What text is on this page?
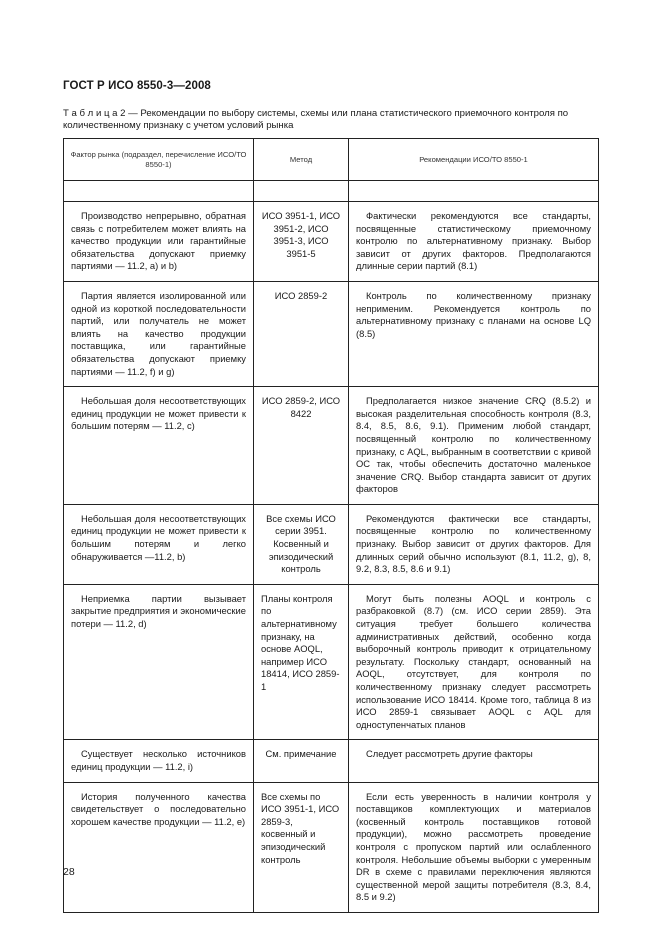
ГОСТ Р ИСО 8550-3—2008
Т а б л и ц а 2 — Рекомендации по выбору системы, схемы или плана статистического приемочного контроля по количественному признаку с учетом условий рынка
Фактор рынка (подраздел, перечисление ИСО/ТО 8550-1)	Метод	Рекомендации ИСО/ТО 8550-1

Производство непрерывно, обратная связь с потребителем может влиять на качество продукции или гарантийные обязательства допускают приемку партиями — 11.2, a) и b)	ИСО 3951-1, ИСО 3951-2, ИСО 3951-3, ИСО 3951-5	Фактически рекомендуются все стандарты, посвященные статистическому приемочному контролю по альтернативному признаку. Выбор зависит от других факторов. Предполагаются длинные серии партий (8.1)
Партия является изолированной или одной из короткой последовательности партий, или получатель не может влиять на качество продукции поставщика, или гарантийные обязательства допускают приемку партиями — 11.2, f) и g)	ИСО 2859-2	Контроль по количественному признаку неприменим. Рекомендуется контроль по альтернативному признаку с планами на основе LQ (8.5)
Небольшая доля несоответствующих единиц продукции не может привести к большим потерям — 11.2, c)	ИСО 2859-2, ИСО 8422	Предполагается низкое значение CRQ (8.5.2) и высокая разделительная способность контроля (8.3, 8.4, 8.5, 8.6, 9.1). Применим любой стандарт, посвященный контролю по количественному признаку, с AQL, выбранным в соответствии с кривой ОС так, чтобы обеспечить достаточно маленькое значение CRQ. Выбор стандарта зависит от других факторов
Небольшая доля несоответствующих единиц продукции не может привести к большим потерям и легко обнаруживается —11.2, b)	Все схемы ИСО серии 3951. Косвенный и эпизодический контроль	Рекомендуются фактически все стандарты, посвященные контролю по количественному признаку. Выбор зависит от других факторов. Для длинных серий обычно используют (8.1, 11.2, g), 8, 9.2, 8.3, 8.5, 8.6 и 9.1)
Неприемка партии вызывает закрытие предприятия и экономические потери — 11.2, d)	Планы контроля по альтернативному признаку, на основе AOQL, например ИСО 18414, ИСО 2859-1	Могут быть полезны AOQL и контроль с разбраковкой (8.7) (см. ИСО серии 2859). Эта ситуация требует большего количества административных действий, особенно когда выборочный контроль приводит к отрицательному результату. Поскольку стандарт, основанный на AOQL, отсутствует, для контроля по количественному признаку следует рассмотреть использование ИСО 18414. Кроме того, таблица 8 из ИСО 2859-1 связывает AOQL с AQL для одноступенчатых планов
Существует несколько источников единиц продукции — 11.2, i)	См. примечание	Следует рассмотреть другие факторы
История полученного качества свидетельствует о последовательно хорошем качестве продукции — 11.2, e)	Все схемы по ИСО 3951-1, ИСО 2859-3, косвенный и эпизодический контроль	Если есть уверенность в наличии контроля у поставщиков комплектующих и материалов (косвенный контроль поставщиков готовой продукции), можно рассмотреть проведение контроля с пропуском партий или ослабленного контроля. Небольшие объемы выборки с умеренным DR в схеме с правилами переключения являются существенной мерой защиты потребителя (8.3, 8.4, 8.5 и 9.2)
28
